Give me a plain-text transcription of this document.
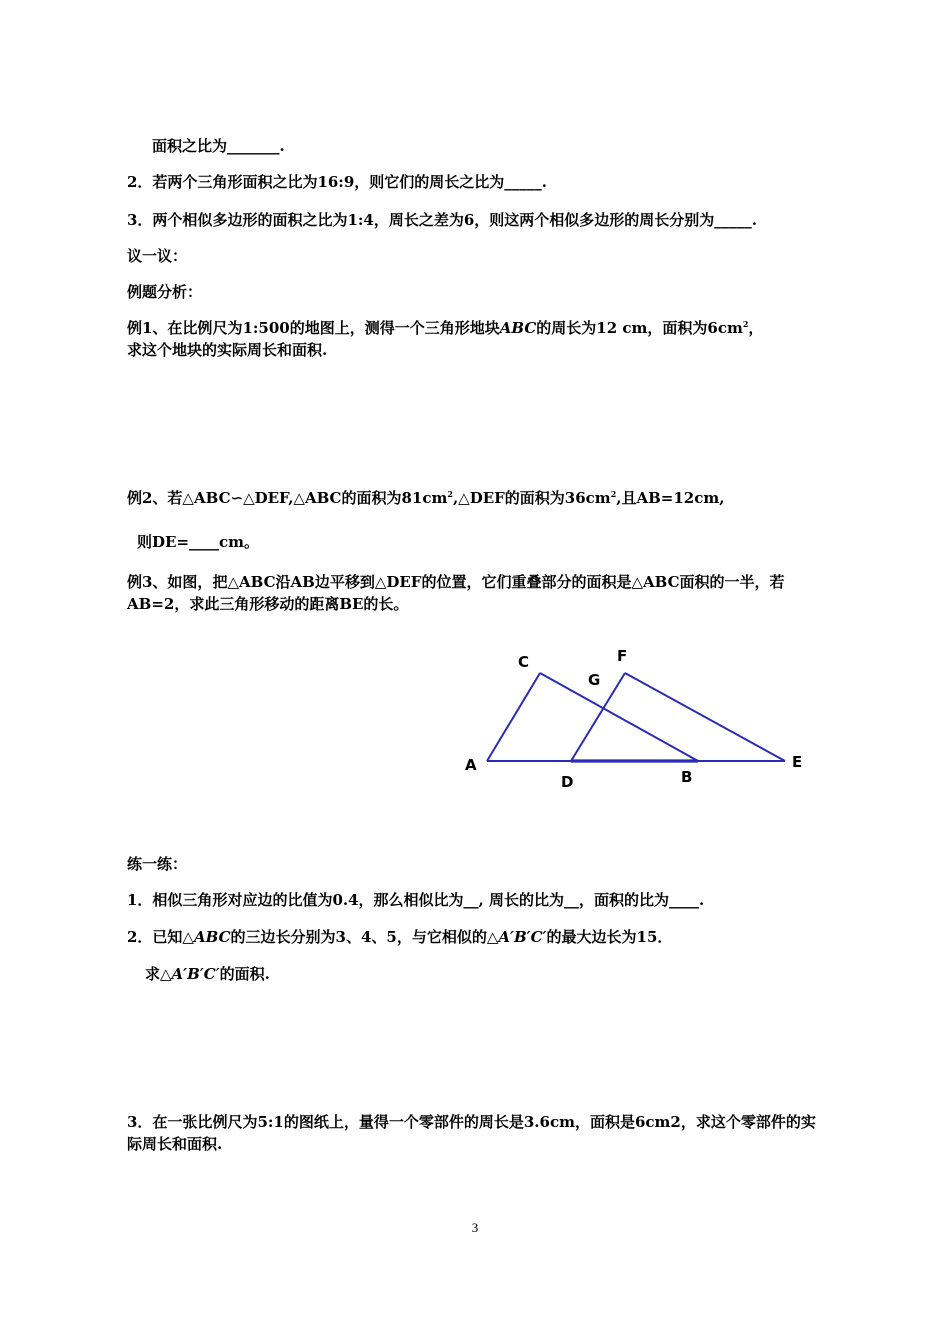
面积之比为_______.
2．若两个三角形面积之比为16:9，则它们的周长之比为_____.
3．两个相似多边形的面积之比为1:4，周长之差为6，则这两个相似多边形的周长分别为_____.
议一议：
例题分析：
例1、在比例尺为1:500的地图上，测得一个三角形地块ABC的周长为12 cm，面积为$6cm^2$，
求这个地块的实际周长和面积.
例2、若△ABC∽△DEF,△ABC的面积为$81cm^2,\triangle DEF$的面积为$36cm^2$,且AB=12cm,
则DE=____cm。
例3、如图，把△ABC沿AB边平移到△DEF的位置，它们重叠部分的面积是△ABC面积的一半，若AB=2，求此三角形移动的距离BE的长。
A
D	B
E
C	F
G
练一练：
1．相似三角形对应边的比值为0.4，那么相似比为__, 周长的比为__，面积的比为____.
2．已知△ABC的三边长分别为3、4、5，与它相似的△A′B′C′的最大边长为15．
求△A′B′C′的面积.
3．在一张比例尺为5:1的图纸上，量得一个零部件的周长是3.6cm，面积是6cm2，求这个零部件的实际周长和面积.
3
